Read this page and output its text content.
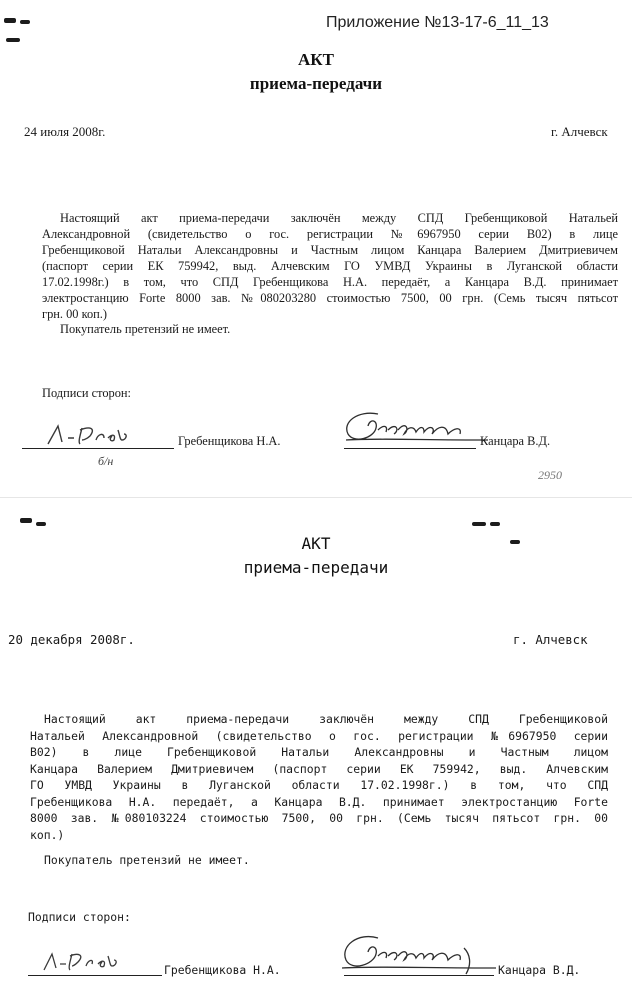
Приложение №13-17-6_11_13
АКТ
приема-передачи
24 июля 2008г.	г. Алчевск
Настоящий акт приема-передачи заключён между СПД Гребенщиковой Натальей
Александровной (свидетельство о гос. регистрации №6967950 серии В02) в лице
Гребенщиковой Натальи Александровны и Частным лицом Канцара Валерием Дмитриевичем
(паспорт серии ЕК 759942, выд. Алчевским ГО УМВД Украины в Луганской области
17.02.1998г.) в том, что СПД Гребенщикова Н.А. передаёт, а Канцара В.Д. принимает
электростанцию Forte 8000 зав. №080203280 стоимостью 7500, 00 грн. (Семь тысяч пятьсот
грн. 00 коп.)
Покупатель претензий не имеет.
Подписи сторон:
Гребенщикова Н.А.
б/н
Канцара В.Д.
2950
АКТ
приема-передачи
20 декабря 2008г.	г. Алчевск
Настоящий акт приема-передачи заключён между СПД Гребенщиковой
Натальей Александровной (свидетельство о гос. регистрации №6967950 серии
В02) в лице Гребенщиковой Натальи Александровны и Частным лицом
Канцара Валерием Дмитриевичем (паспорт серии ЕК 759942, выд. Алчевским
ГО УМВД Украины в Луганской области 17.02.1998г.) в том, что СПД
Гребенщикова Н.А. передаёт, а Канцара В.Д. принимает электростанцию Forte
8000 зав. №080103224 стоимостью 7500, 00 грн. (Семь тысяч пятьсот грн. 00
коп.)
Покупатель претензий не имеет.
Подписи сторон:
Гребенщикова Н.А.	Канцара В.Д.
